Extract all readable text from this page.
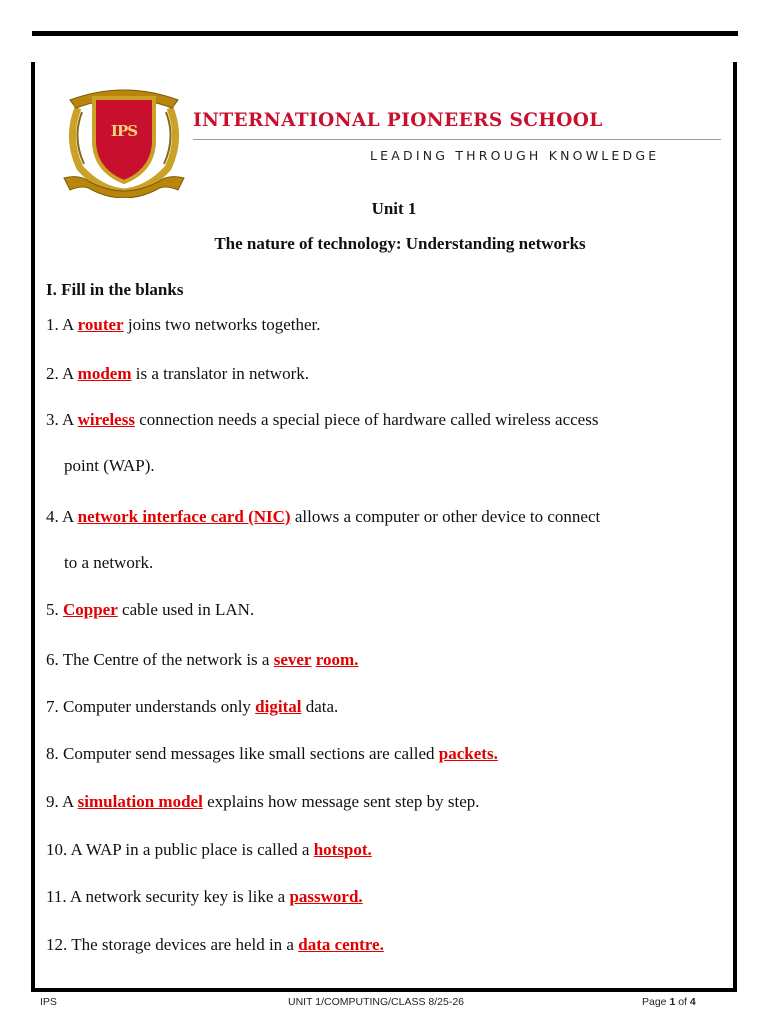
IPS	INTERNATIONAL PIONEERS SCHOOL
LEADING THROUGH KNOWLEDGE
Unit 1
The nature of technology: Understanding networks
I. Fill in the blanks
1. A router joins two networks together.
2. A modem is a translator in network.
3. A wireless connection needs a special piece of hardware called wireless access
point (WAP).
4. A network interface card (NIC) allows a computer or other device to connect
to a network.
5. Copper cable used in LAN.
6. The Centre of the network is a sever room.
7. Computer understands only digital data.
8. Computer send messages like small sections are called packets.
9. A simulation model explains how message sent step by step.
10. A WAP in a public place is called a hotspot.
11. A network security key is like a password.
12. The storage devices are held in a data centre.
IPS	UNIT 1/COMPUTING/CLASS 8/25-26	Page 1 of 4
